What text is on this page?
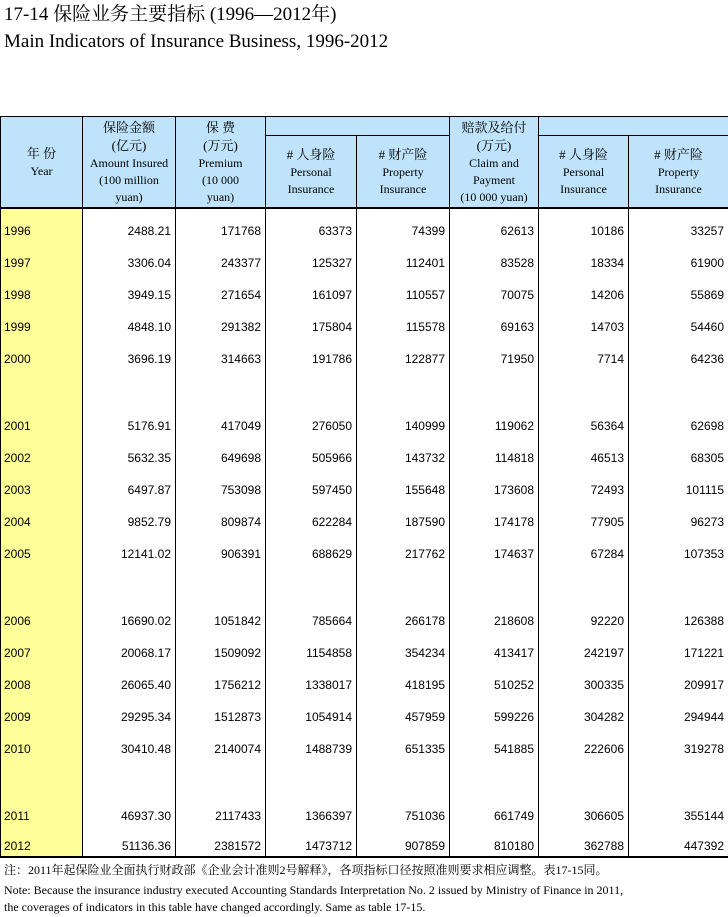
17-14 保险业务主要指标 (1996—2012年)
Main Indicators of Insurance Business, 1996-2012
年 份
Year	保险金额
(亿元)
Amount Insured
(100 million
yuan)	保 费
(万元)
Premium
(10 000
yuan)			赔款及给付
(万元)
Claim and
Payment
(10 000 yuan)		
			# 人身险
Personal
Insurance	# 财产险
Property
Insurance		# 人身险
Personal
Insurance	# 财产险
Property
Insurance
1996	2488.21	171768	63373	74399	62613	10186	33257
1997	3306.04	243377	125327	112401	83528	18334	61900
1998	3949.15	271654	161097	110557	70075	14206	55869
1999	4848.10	291382	175804	115578	69163	14703	54460
2000	3696.19	314663	191786	122877	71950	7714	64236

2001	5176.91	417049	276050	140999	119062	56364	62698
2002	5632.35	649698	505966	143732	114818	46513	68305
2003	6497.87	753098	597450	155648	173608	72493	101115
2004	9852.79	809874	622284	187590	174178	77905	96273
2005	12141.02	906391	688629	217762	174637	67284	107353

2006	16690.02	1051842	785664	266178	218608	92220	126388
2007	20068.17	1509092	1154858	354234	413417	242197	171221
2008	26065.40	1756212	1338017	418195	510252	300335	209917
2009	29295.34	1512873	1054914	457959	599226	304282	294944
2010	30410.48	2140074	1488739	651335	541885	222606	319278

2011	46937.30	2117433	1366397	751036	661749	306605	355144
2012	51136.36	2381572	1473712	907859	810180	362788	447392
注：2011年起保险业全面执行财政部《企业会计准则2号解释》，各项指标口径按照准则要求相应调整。表17-15同。
Note: Because the insurance industry executed Accounting Standards Interpretation No. 2 issued by Ministry of Finance in 2011,
the coverages of indicators in this table have changed accordingly. Same as table 17-15.
